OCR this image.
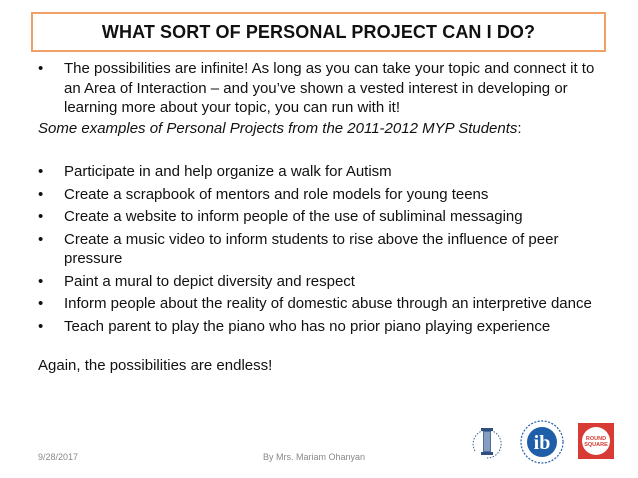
WHAT SORT OF PERSONAL PROJECT CAN I DO?
• The possibilities are infinite! As long as you can take your topic and connect it to an Area of Interaction – and you’ve shown a vested interest in developing or learning more about your topic, you can run with it!
Some examples of Personal Projects from the 2011-2012 MYP Students:
• Participate in and help organize a walk for Autism
• Create a scrapbook of mentors and role models for young teens
• Create a website to inform people of the use of subliminal messaging
• Create a music video to inform students to rise above the influence of peer pressure
• Paint a mural to depict diversity and respect
• Inform people about the reality of domestic abuse through an interpretive dance
• Teach parent to play the piano who has no prior piano playing experience
Again, the possibilities are endless!
9/28/2017	By Mrs. Mariam Ohanyan
ib	ROUND
SQUARE
